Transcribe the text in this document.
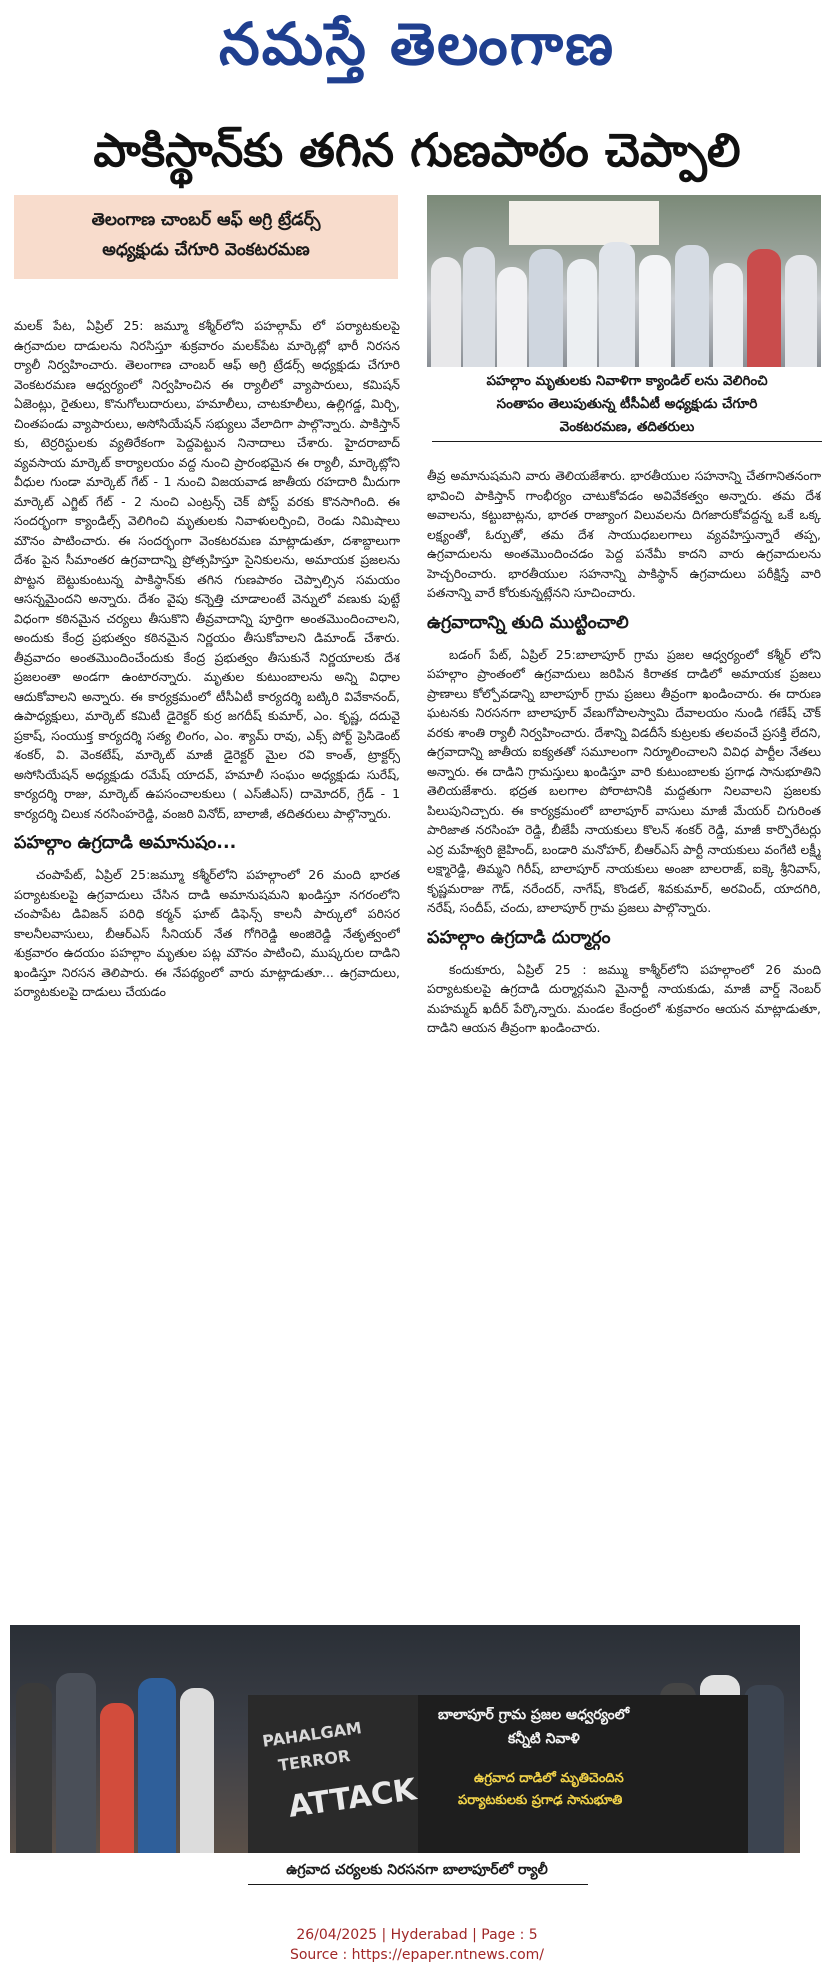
నమస్తే తెలంగాణ
పాకిస్థాన్‌కు తగిన గుణపాఠం చెప్పాలి
తెలంగాణ చాంబర్ ఆఫ్ అగ్రి ట్రేడర్స్
అధ్యక్షుడు చేగూరి వెంకటరమణ

మలక్ పేట, ఏప్రిల్ 25: జమ్మూ కశ్మీర్‌లోని పహల్గామ్ లో పర్యాటకులపై ఉగ్రవాదుల దాడులను నిరసిస్తూ శుక్రవారం మలక్‌పేట మార్కెట్లో భారీ నిరసన ర్యాలీ నిర్వహించారు. తెలంగాణ చాంబర్ ఆఫ్ అగ్రి ట్రేడర్స్ అధ్యక్షుడు చేగూరి వెంకటరమణ ఆధ్వర్యంలో నిర్వహించిన ఈ ర్యాలీలో వ్యాపారులు, కమిషన్ ఏజెంట్లు, రైతులు, కొనుగోలుదారులు, హమాలీలు, చాటకూలీలు, ఉల్లిగడ్డ, మిర్చి, చింతపండు వ్యాపారులు, అసోసియేషన్ సభ్యులు వేలాదిగా పాల్గొన్నారు. పాకిస్తాన్ కు, టెర్రరిస్టులకు వ్యతిరేకంగా పెద్దపెట్టున నినాదాలు చేశారు. హైదరాబాద్ వ్యవసాయ మార్కెట్ కార్యాలయం వద్ద నుంచి ప్రారంభమైన ఈ ర్యాలీ, మార్కెట్లోని వీధుల గుండా మార్కెట్ గేట్ - 1 నుంచి విజయవాడ జాతీయ రహదారి మీదుగా మార్కెట్ ఎగ్జిట్ గేట్ - 2 నుంచి ఎంట్రన్స్ చెక్ పోస్ట్ వరకు కొనసాగింది. ఈ సందర్భంగా క్యాండిల్స్ వెలిగించి మృతులకు నివాళులర్పించి, రెండు నిమిషాలు మౌనం పాటించారు. ఈ సందర్భంగా వెంకటరమణ మాట్లాడుతూ, దశాబ్దాలుగా దేశం పైన సీమాంతర ఉగ్రవాదాన్ని ప్రోత్సహిస్తూ సైనికులను, అమాయక ప్రజలను పొట్టన బెట్టుకుంటున్న పాకిస్థాన్‌కు తగిన గుణపాఠం చెప్పాల్సిన సమయం ఆసన్నమైందని అన్నారు. దేశం వైపు కన్నెత్తి చూడాలంటే వెన్నులో వణుకు పుట్టే విధంగా కఠినమైన చర్యలు తీసుకొని తీవ్రవాదాన్ని పూర్తిగా అంతమొందించాలని, అందుకు కేంద్ర ప్రభుత్వం కఠినమైన నిర్ణయం తీసుకోవాలని డిమాండ్ చేశారు. తీవ్రవాదం అంతమొందించేందుకు కేంద్ర ప్రభుత్వం తీసుకునే నిర్ణయాలకు దేశ ప్రజలంతా అండగా ఉంటారన్నారు. మృతుల కుటుంబాలను అన్ని విధాల ఆదుకోవాలని అన్నారు. ఈ కార్యక్రమంలో టీసీఏటీ కార్యదర్శి బట్కిరి వివేకానంద్, ఉపాధ్యక్షులు, మార్కెట్ కమిటీ డైరెక్టర్ కుర్ర జగదీష్ కుమార్, ఎం. కృష్ణ, దదువై ప్రకాష్, సంయుక్త కార్యదర్శి సత్య లింగం, ఎం. శ్యామ్ రావు, ఎక్స్ పోర్ట్ ప్రెసిడెంట్ శంకర్, వి. వెంకటేష్, మార్కెట్ మాజీ డైరెక్టర్ మైల రవి కాంత్, ట్రాక్టర్స్ అసోసియేషన్ అధ్యక్షుడు రమేష్ యాదవ్, హమాలీ సంఘం అధ్యక్షుడు సురేష్, కార్యదర్శి రాజు, మార్కెట్ ఉపసంచాలకులు ( ఎస్‌జీఎస్) దామోదర్, గ్రేడ్ - 1 కార్యదర్శి చిలుక నరసింహరెడ్డి, వంజరి వినోద్, బాలాజీ, తదితరులు పాల్గొన్నారు.

పహల్గాం ఉగ్రదాడి అమానుషం...

చంపాపేట్, ఏప్రిల్ 25:జమ్మూ కశ్మీర్‌లోని పహల్గాంలో 26 మంది భారత పర్యాటకులపై ఉగ్రవాదులు చేసిన దాడి అమానుషమని ఖండిస్తూ నగరంలోని చంపాపేట డివిజన్ పరిధి కర్మన్ ఘాట్ డిఫెన్స్ కాలనీ పార్కులో పరిసర కాలనీలవాసులు, బీఆర్ఎస్ సీనియర్ నేత గోగిరెడ్డి అంజిరెడ్డి నేతృత్వంలో శుక్రవారం ఉదయం పహల్గాం మృతుల పట్ల మౌనం పాటించి, ముష్కరుల దాడిని ఖండిస్తూ నిరసన తెలిపారు. ఈ నేపథ్యంలో వారు మాట్లాడుతూ... ఉగ్రవాదులు, పర్యాటకులపై దాడులు చేయడం

పహల్గాం మృతులకు నివాళిగా క్యాండిల్ లను వెలిగించి
సంతాపం తెలుపుతున్న టీసీఏటీ అధ్యక్షుడు చేగూరి
వెంకటరమణ, తదితరులు

తీవ్ర అమానుషమని వారు తెలియజేశారు. భారతీయుల సహనాన్ని చేతగానితనంగా భావించి పాకిస్తాన్ గాంభీర్యం చాటుకోవడం అవివేకత్వం అన్నారు. తమ దేశ అవాలను, కట్టుబాట్లను, భారత రాజ్యాంగ విలువలను దిగజారుకోవద్దన్న ఒకే ఒక్క లక్ష్యంతో, ఓర్పుతో, తమ దేశ సాయుధబలగాలు వ్యవహిస్తున్నారే తప్ప, ఉగ్రవాదులను అంతమొందించడం పెద్ద పనేమీ కాదని వారు ఉగ్రవాదులను హెచ్చరించారు. భారతీయుల సహనాన్ని పాకిస్థాన్ ఉగ్రవాదులు పరీక్షిస్తే వారి పతనాన్ని వారే కోరుకున్నట్లేనని సూచించారు.

ఉగ్రవాదాన్ని తుది ముట్టించాలి

బడంగ్ పేట్, ఏప్రిల్ 25:బాలాపూర్ గ్రామ ప్రజల ఆధ్వర్యంలో కశ్మీర్ లోని పహల్గాం ప్రాంతంలో ఉగ్రవాదులు జరిపిన కిరాతక దాడిలో అమాయక ప్రజలు ప్రాణాలు కోల్పోవడాన్ని బాలాపూర్ గ్రామ ప్రజలు తీవ్రంగా ఖండించారు. ఈ దారుణ ఘటనకు నిరసనగా బాలాపూర్ వేణుగోపాలస్వామి దేవాలయం నుండి గణేష్ చౌక్ వరకు శాంతి ర్యాలీ నిర్వహించారు. దేశాన్ని విడదీసే కుట్రలకు తలవంచే ప్రసక్తి లేదని, ఉగ్రవాదాన్ని జాతీయ ఐక్యతతో సమూలంగా నిర్మూలించాలని వివిధ పార్టీల నేతలు అన్నారు. ఈ దాడిని గ్రామస్తులు ఖండిస్తూ వారి కుటుంబాలకు ప్రగాఢ సానుభూతిని తెలియజేశారు. భద్రత బలగాల పోరాటానికి మద్దతుగా నిలవాలని ప్రజలకు పిలుపునిచ్చారు. ఈ కార్యక్రమంలో బాలాపూర్ వాసులు మాజీ మేయర్ చిగురింత పారిజాత నరసింహ రెడ్డి, బీజేపీ నాయకులు కొలన్ శంకర్ రెడ్డి, మాజీ కార్పొరేటర్లు ఎర్ర మహేశ్వరి జైహింద్, బండారి మనోహర్, బీఆర్ఎస్ పార్టీ నాయకులు వంగేటి లక్ష్మీ లక్ష్మారెడ్డి, తిమ్మని గిరీష్, బాలాపూర్ నాయకులు అంజా బాలరాజ్, ఐక్కె శ్రీనివాస్, కృష్ణమరాజు గౌడ్, నరేందర్, నాగేష్, కొండల్, శివకుమార్, అరవింద్, యాదగిరి, నరేష్, సందీప్, చందు, బాలాపూర్ గ్రామ ప్రజలు పాల్గొన్నారు.

పహల్గాం ఉగ్రదాడి దుర్మార్గం

కందుకూరు, ఏప్రిల్ 25 : జమ్ము కాశ్మీర్‌లోని పహల్గాంలో 26 మంది పర్యాటకులపై ఉగ్రదాడి దుర్మార్గమని మైనార్టీ నాయకుడు, మాజీ వార్డ్ నెంబర్ మహమ్మద్ ఖదీర్ పేర్కొన్నారు. మండల కేంద్రంలో శుక్రవారం ఆయన మాట్లాడుతూ, దాడిని ఆయన తీవ్రంగా ఖండించారు.

PAHALGAM
TERROR
ATTACK
బాలాపూర్ గ్రామ ప్రజల ఆధ్వర్యంలో
కన్నీటి నివాళి
ఉగ్రవాద దాడిలో మృతిచెందిన
పర్యాటకులకు ప్రగాఢ సానుభూతి
ఉగ్రవాద చర్యలకు నిరసనగా బాలాపూర్‌లో ర్యాలీ
26/04/2025 | Hyderabad | Page : 5
Source : https://epaper.ntnews.com/
